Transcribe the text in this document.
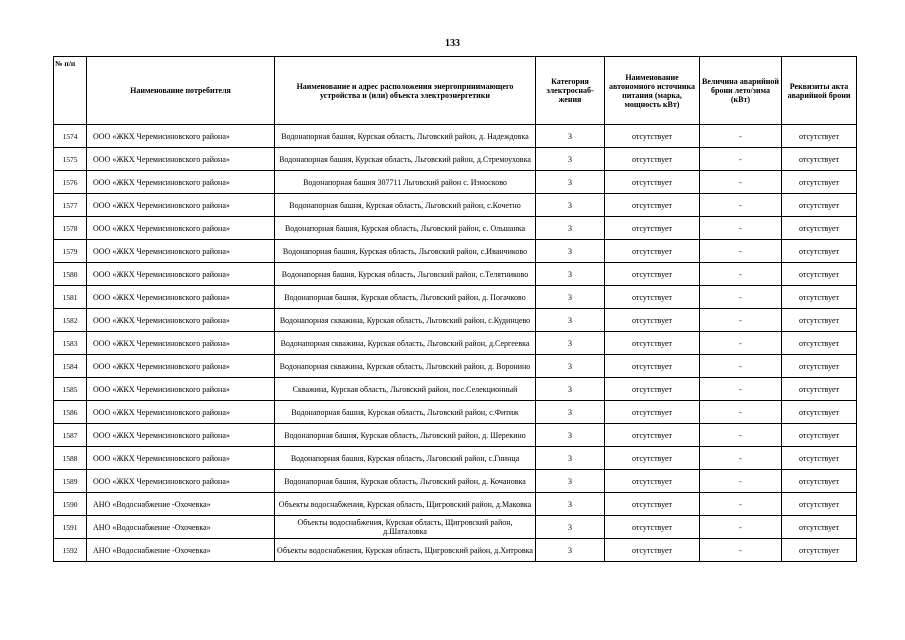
133
№ п/п	Наименование потребителя	Наименование и адрес расположения энергопринимающего устройства и (или) объекта электроэнергетики	Категория электроснаб-жения	Наименование автономного источника питания (марка, мощность кВт)	Величина аварийной брони лето/зима (кВт)	Реквизиты акта аварийной брони
1574	ООО «ЖКХ Черемисиновского района»	Водонапорная башня, Курская область, Льговский район, д. Надеждовка	3	отсутствует	-	отсутствует
1575	ООО «ЖКХ Черемисиновского района»	Водонапорная башня, Курская область, Льговский район, д.Стремоуховка	3	отсутствует	-	отсутствует
1576	ООО «ЖКХ Черемисиновского района»	Водонапорная башня 307711 Льговский район с. Износково	3	отсутствует	-	отсутствует
1577	ООО «ЖКХ Черемисиновского района»	Водонапорная башня, Курская область, Льговский район, с.Кочетно	3	отсутствует	-	отсутствует
1578	ООО «ЖКХ Черемисиновского района»	Водонапорная башня, Курская область, Льговский район, с. Ольшанка	3	отсутствует	-	отсутствует
1579	ООО «ЖКХ Черемисиновского района»	Водонапорная башня, Курская область, Льговский район, с.Иванчиково	3	отсутствует	-	отсутствует
1580	ООО «ЖКХ Черемисиновского района»	Водонапорная башня, Курская область, Льговский район, с.Телятниково	3	отсутствует	-	отсутствует
1581	ООО «ЖКХ Черемисиновского района»	Водонапорная башня, Курская область, Льговский район, д. Погачково	3	отсутствует	-	отсутствует
1582	ООО «ЖКХ Черемисиновского района»	Водонапорная скважина, Курская область, Льговский район, с.Кудинцево	3	отсутствует	-	отсутствует
1583	ООО «ЖКХ Черемисиновского района»	Водонапорная скважина, Курская область, Льговский район, д.Сергеевка	3	отсутствует	-	отсутствует
1584	ООО «ЖКХ Черемисиновского района»	Водонапорная скважина, Курская область, Льговский район, д. Воронино	3	отсутствует	-	отсутствует
1585	ООО «ЖКХ Черемисиновского района»	Скважина, Курская область, Льговский район, пос.Селекционный	3	отсутствует	-	отсутствует
1586	ООО «ЖКХ Черемисиновского района»	Водонапорная башня, Курская область, Льговский район, с.Фитиж	3	отсутствует	-	отсутствует
1587	ООО «ЖКХ Черемисиновского района»	Водонапорная башня, Курская область, Льговский район, д. Шерекино	3	отсутствует	-	отсутствует
1588	ООО «ЖКХ Черемисиновского района»	Водонапорная башня, Курская область, Льговский район, с.Гнинца	3	отсутствует	-	отсутствует
1589	ООО «ЖКХ Черемисиновского района»	Водонапорная башня, Курская область, Льговский район, д. Кочановка	3	отсутствует	-	отсутствует
1590	АНО «Водоснабжение -Охочевка»	Объекты водоснабжения, Курская область, Щигровский район, д.Маковка	3	отсутствует	-	отсутствует
1591	АНО «Водоснабжение -Охочевка»	Объекты водоснабжения, Курская область, Щигровский район, д.Шаталовка	3	отсутствует	-	отсутствует
1592	АНО «Водоснабжение -Охочевка»	Объекты водоснабжения, Курская область, Щигровский район, д.Хитровка	3	отсутствует	-	отсутствует
